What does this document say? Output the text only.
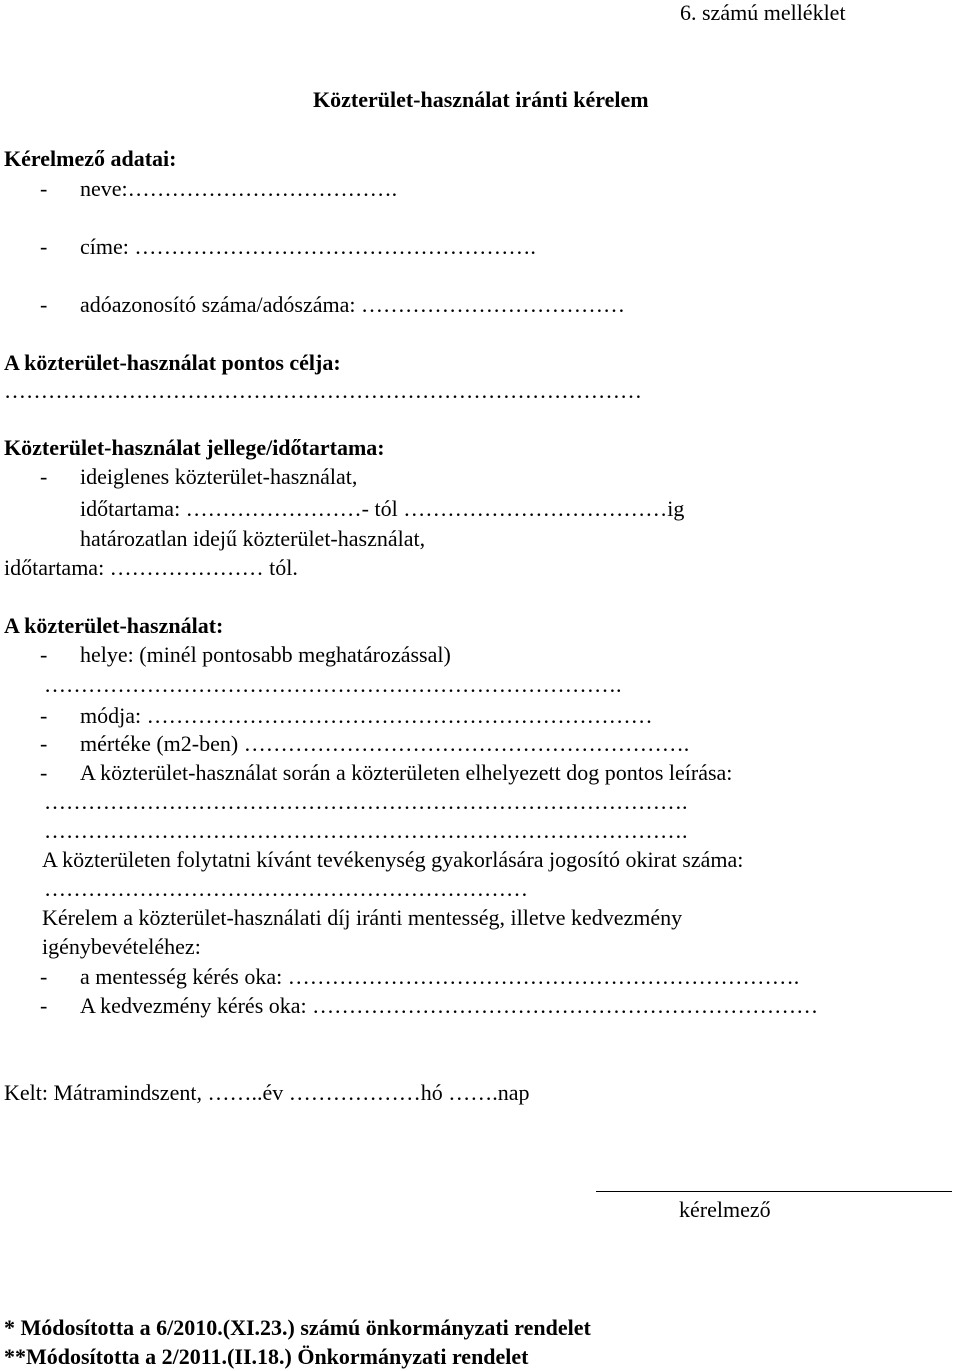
6. számú melléklet
Közterület-használat iránti kérelem
Kérelmező adatai:
- neve:……………………………….
- címe: ……………………………………………….
- adóazonosító száma/adószáma: ………………………………
A közterület-használat pontos célja:
……………………………………………………………………………
Közterület-használat jellege/időtartama:
- ideiglenes közterület-használat,
időtartama: ……………………- tól ………………………………ig
határozatlan idejű közterület-használat,
időtartama: ………………… tól.
A közterület-használat:
- helye: (minél pontosabb meghatározással)
…………………………………………………………………….
- módja: ……………………………………………………………
- mértéke (m2-ben) …………………………………………………….
- A közterület-használat során a közterületen elhelyezett dog pontos leírása:
…………………………………………………………………………….
…………………………………………………………………………….
A közterületen folytatni kívánt tevékenység gyakorlására jogosító okirat száma:
…………………………………………………………
Kérelem a közterület-használati díj iránti mentesség, illetve kedvezmény
igénybevételéhez:
- a mentesség kérés oka: …………………………………………………………….
- A kedvezmény kérés oka: ……………………………………………………………
Kelt: Mátramindszent, ……..év ………………hó …….nap
kérelmező
* Módosította a 6/2010.(XI.23.) számú önkormányzati rendelet
**Módosította a 2/2011.(II.18.) Önkormányzati rendelet
